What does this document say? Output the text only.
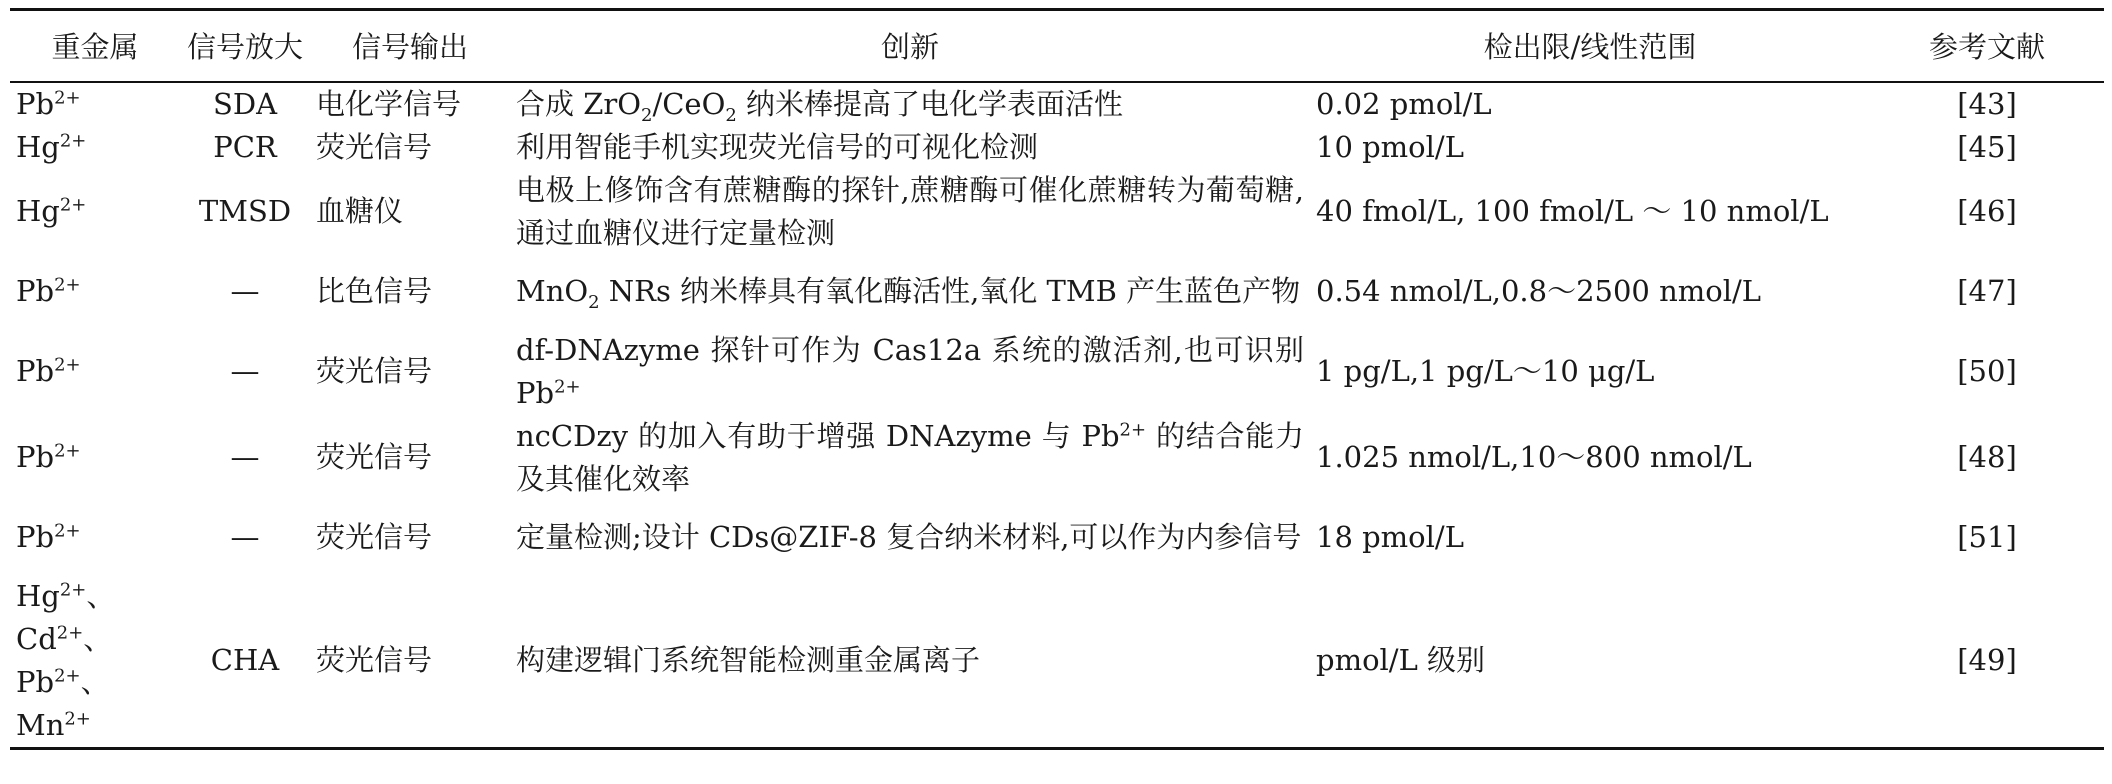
重金属	信号放大	信号输出	创新	检出限/线性范围	参考文献
$Pb^{2+}$	SDA	电化学信号	合成 ZrO$_2$/CeO$_2$ 纳米棒提高了电化学表面活性	0.02 pmol/L	[43]
$Hg^{2+}$	PCR	荧光信号	利用智能手机实现荧光信号的可视化检测	10 pmol/L	[45]
$Hg^{2+}$	TMSD	血糖仪	电极上修饰含有蔗糖酶的探针,蔗糖酶可催化蔗糖转为葡萄糖,通过血糖仪进行定量检测	40 fmol/L, 100 fmol/L ～ 10 nmol/L	[46]
$Pb^{2+}$	—	比色信号	MnO$_2$ NRs 纳米棒具有氧化酶活性,氧化 TMB 产生蓝色产物	0.54 nmol/L,0.8～2500 nmol/L	[47]
$Pb^{2+}$	—	荧光信号	df-DNAzyme 探针可作为 Cas12a 系统的激活剂,也可识别 $Pb^{2+}$	1 pg/L,1 pg/L～10 μg/L	[50]
$Pb^{2+}$	—	荧光信号	ncCDzy 的加入有助于增强 DNAzyme 与 $Pb^{2+}$ 的结合能力及其催化效率	1.025 nmol/L,10～800 nmol/L	[48]
$Pb^{2+}$	—	荧光信号	定量检测;设计 CDs@ZIF-8 复合纳米材料,可以作为内参信号	18 pmol/L	[51]
$Hg^{2+}$、$Cd^{2+}$、$Pb^{2+}$、$Mn^{2+}$	CHA	荧光信号	构建逻辑门系统智能检测重金属离子	pmol/L 级别	[49]
